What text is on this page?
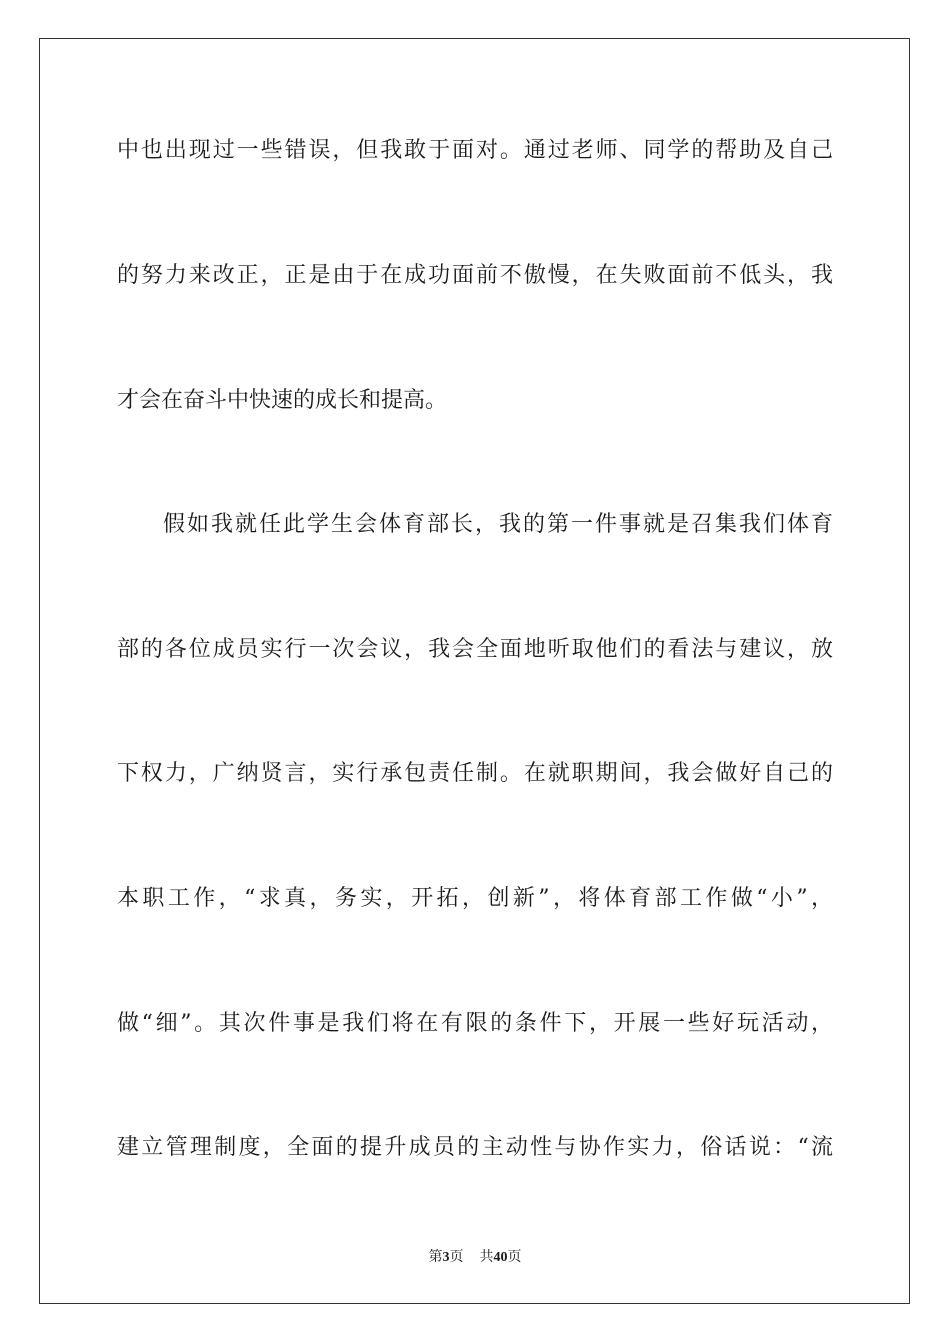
中也出现过一些错误，但我敢于面对。通过老师、同学的帮助及自己
的努力来改正，正是由于在成功面前不傲慢，在失败面前不低头，我
才会在奋斗中快速的成长和提高。
假如我就任此学生会体育部长，我的第一件事就是召集我们体育
部的各位成员实行一次会议，我会全面地听取他们的看法与建议，放
下权力，广纳贤言，实行承包责任制。在就职期间，我会做好自己的
本职工作，“求真，务实，开拓，创新”，将体育部工作做“小”，
做“细”。其次件事是我们将在有限的条件下，开展一些好玩活动，
建立管理制度，全面的提升成员的主动性与协作实力，俗话说：“流
第3页 共40页
